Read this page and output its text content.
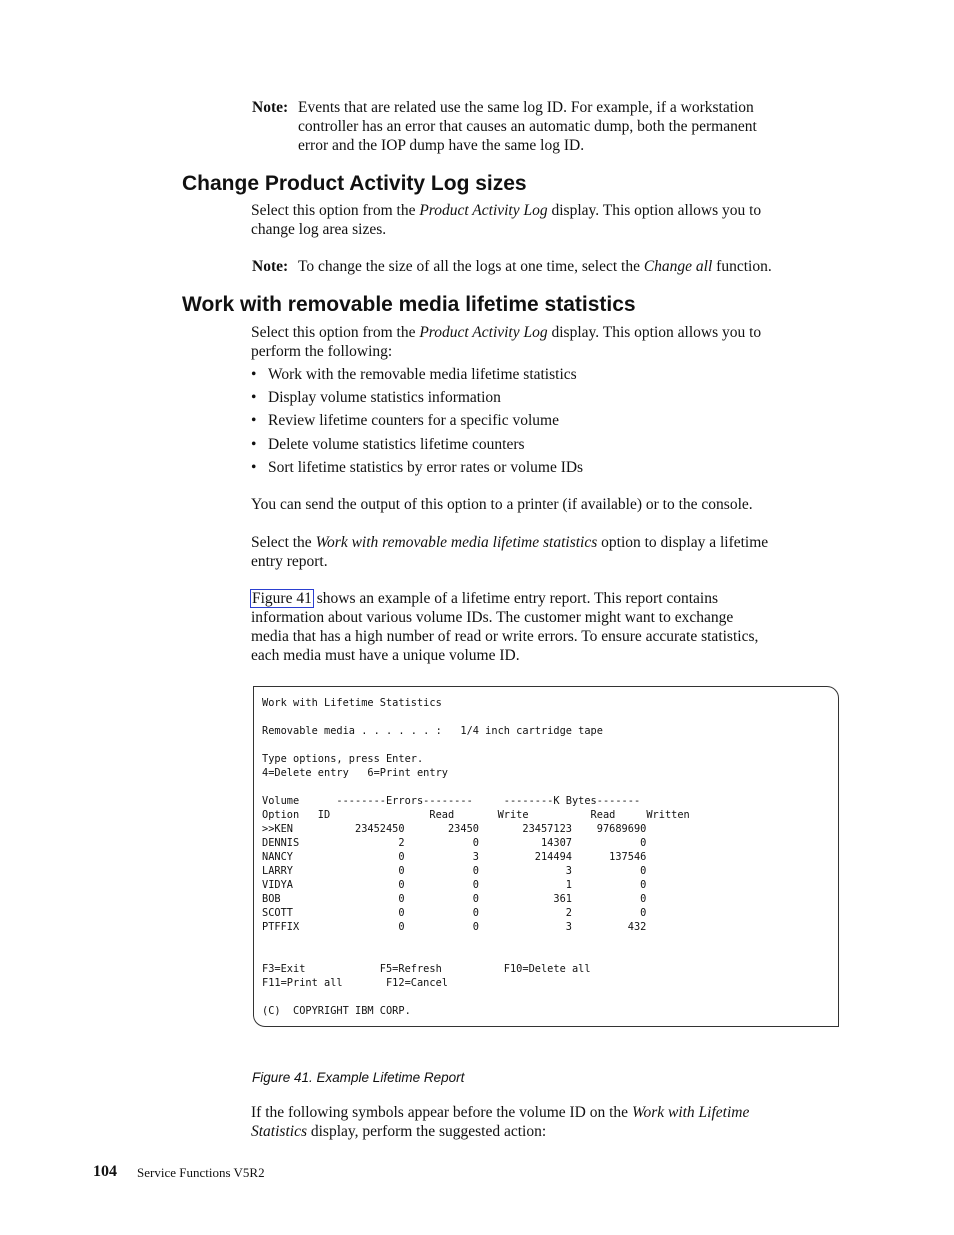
Note: Events that are related use the same log ID. For example, if a workstation
controller has an error that causes an automatic dump, both the permanent
error and the IOP dump have the same log ID.
Change Product Activity Log sizes
Select this option from the Product Activity Log display. This option allows you to
change log area sizes.
Note: To change the size of all the logs at one time, select the Change all function.
Work with removable media lifetime statistics
Select this option from the Product Activity Log display. This option allows you to
perform the following:
• Work with the removable media lifetime statistics
• Display volume statistics information
• Review lifetime counters for a specific volume
• Delete volume statistics lifetime counters
• Sort lifetime statistics by error rates or volume IDs
You can send the output of this option to a printer (if available) or to the console.
Select the Work with removable media lifetime statistics option to display a lifetime
entry report.
Figure 41 shows an example of a lifetime entry report. This report contains
information about various volume IDs. The customer might want to exchange
media that has a high number of read or write errors. To ensure accurate statistics,
each media must have a unique volume ID.
Work with Lifetime Statistics

Removable media . . . . . . :   1/4 inch cartridge tape

Type options, press Enter.
4=Delete entry   6=Print entry

Volume      --------Errors--------     --------K Bytes-------
Option   ID                Read       Write          Read     Written
>>KEN          23452450       23450       23457123    97689690
DENNIS                2           0          14307           0
NANCY                 0           3         214494      137546
LARRY                 0           0              3           0
VIDYA                 0           0              1           0
BOB                   0           0            361           0
SCOTT                 0           0              2           0
PTFFIX                0           0              3         432

F3=Exit            F5=Refresh          F10=Delete all
F11=Print all       F12=Cancel

(C)  COPYRIGHT IBM CORP.
Figure 41. Example Lifetime Report
If the following symbols appear before the volume ID on the Work with Lifetime
Statistics display, perform the suggested action:
104 Service Functions V5R2
